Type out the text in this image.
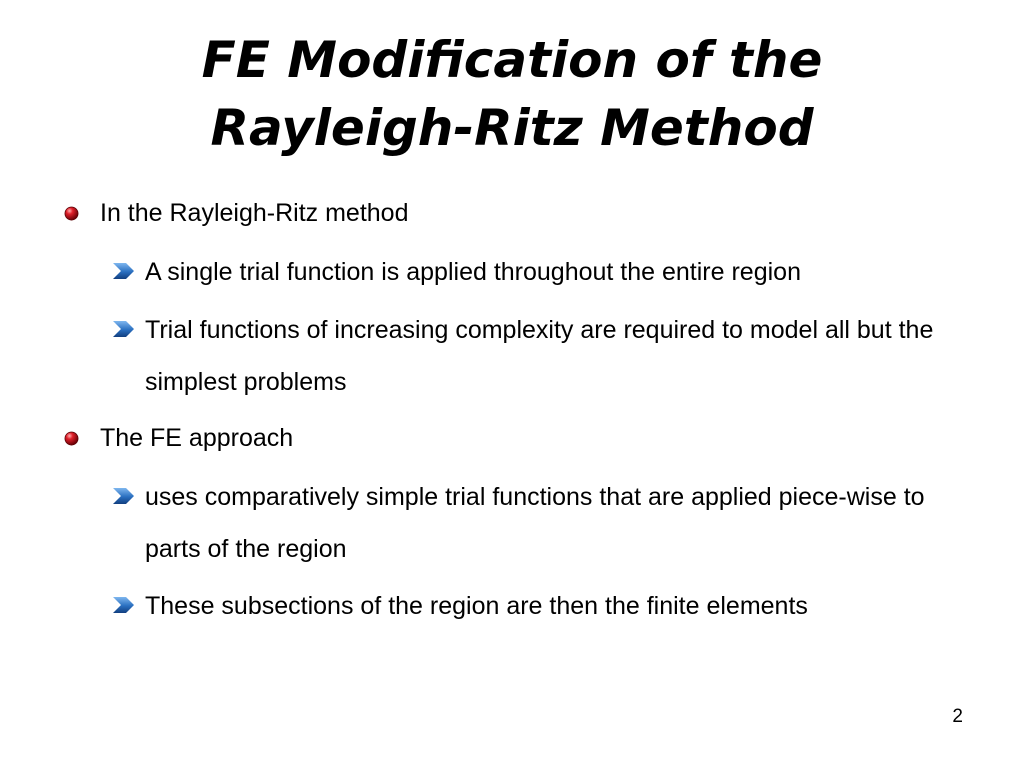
FE Modification of the
Rayleigh-Ritz Method
In the Rayleigh-Ritz method
A single trial function is applied throughout the entire region
Trial functions of increasing complexity are required to model all but the simplest problems
The FE approach
uses comparatively simple trial functions that are applied piece-wise to parts of the region
These subsections of the region are then the finite elements
2
